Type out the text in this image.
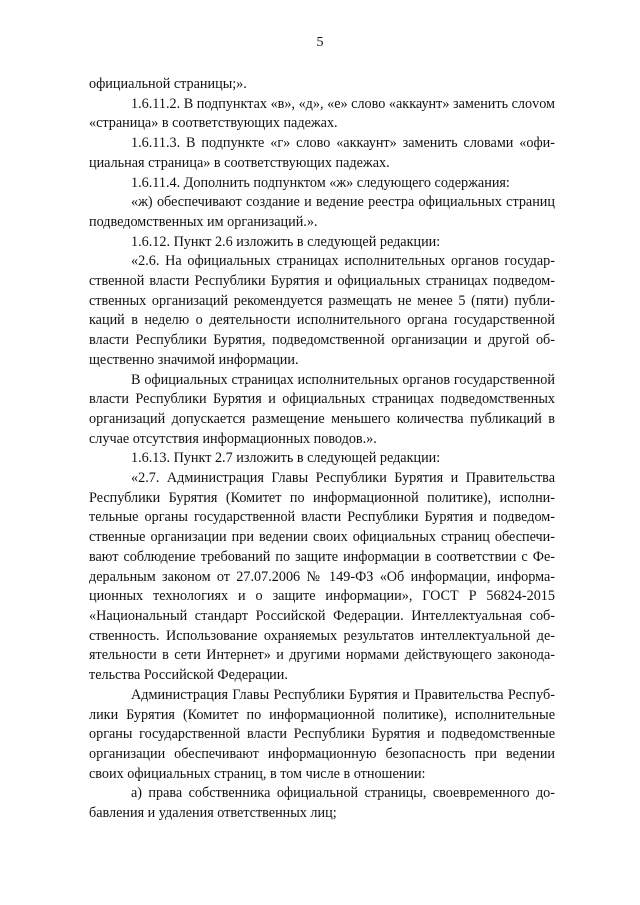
5

официальной страницы;».

1.6.11.2. В подпунктах «в», «д», «е» слово «аккаунт» заменить слоvом «страница» в соответствующих падежах.

1.6.11.3. В подпункте «г» слово «аккаунт» заменить словами «официальная страница» в соответствующих падежах.

1.6.11.4. Дополнить подпунктом «ж» следующего содержания:

«ж) обеспечивают создание и ведение реестра официальных страниц подведомственных им организаций.».

1.6.12. Пункт 2.6 изложить в следующей редакции:

«2.6. На официальных страницах исполнительных органов государственной власти Республики Бурятия и официальных страницах подведомственных организаций рекомендуется размещать не менее 5 (пяти) публикаций в неделю о деятельности исполнительного органа государственной власти Республики Бурятия, подведомственной организации и другой общественно значимой информации.

В официальных страницах исполнительных органов государственной власти Республики Бурятия и официальных страницах подведомственных организаций допускается размещение меньшего количества публикаций в случае отсутствия информационных поводов.».

1.6.13. Пункт 2.7 изложить в следующей редакции:

«2.7. Администрация Главы Республики Бурятия и Правительства Республики Бурятия (Комитет по информационной политике), исполнительные органы государственной власти Республики Бурятия и подведомственные организации при ведении своих официальных страниц обеспечивают соблюдение требований по защите информации в соответствии с Федеральным законом от 27.07.2006 № 149-ФЗ «Об информации, информационных технологиях и о защите информации», ГОСТ Р 56824-2015 «Национальный стандарт Российской Федерации. Интеллектуальная собственность. Использование охраняемых результатов интеллектуальной деятельности в сети Интернет» и другими нормами действующего законодательства Российской Федерации.

Администрация Главы Республики Бурятия и Правительства Республики Бурятия (Комитет по информационной политике), исполнительные органы государственной власти Республики Бурятия и подведомственные организации обеспечивают информационную безопасность при ведении своих официальных страниц, в том числе в отношении:

а) права собственника официальной страницы, своевременного добавления и удаления ответственных лиц;
